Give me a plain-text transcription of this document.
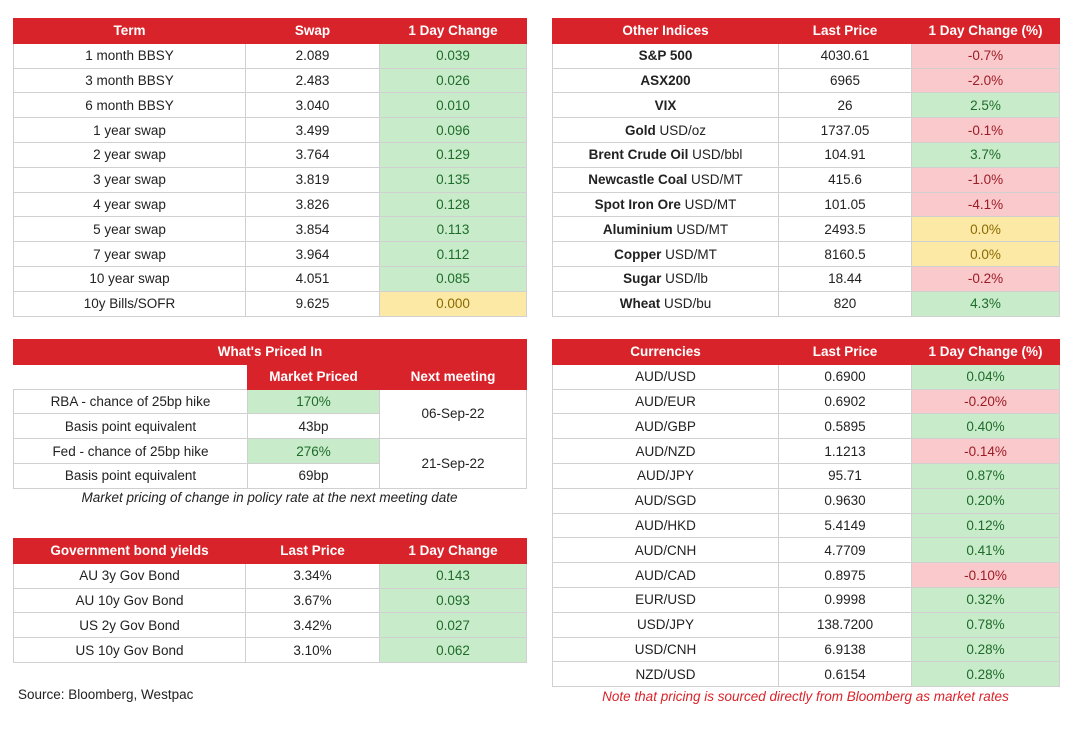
Term	Swap	1 Day Change
1 month BBSY	2.089	0.039
3 month BBSY	2.483	0.026
6 month BBSY	3.040	0.010
1 year swap	3.499	0.096
2 year swap	3.764	0.129
3 year swap	3.819	0.135
4 year swap	3.826	0.128
5 year swap	3.854	0.113
7 year swap	3.964	0.112
10 year swap	4.051	0.085
10y Bills/SOFR	9.625	0.000
Other Indices	Last Price	1 Day Change (%)
S&P 500	4030.61	-0.7%
ASX200	6965	-2.0%
VIX	26	2.5%
Gold USD/oz	1737.05	-0.1%
Brent Crude Oil USD/bbl	104.91	3.7%
Newcastle Coal USD/MT	415.6	-1.0%
Spot Iron Ore USD/MT	101.05	-4.1%
Aluminium USD/MT	2493.5	0.0%
Copper USD/MT	8160.5	0.0%
Sugar USD/lb	18.44	-0.2%
Wheat USD/bu	820	4.3%
What's Priced In		
	Market Priced	Next meeting
RBA - chance of 25bp hike	170%	06-Sep-22
Basis point equivalent	43bp	
Fed - chance of 25bp hike	276%	21-Sep-22
Basis point equivalent	69bp	
Market pricing of change in policy rate at the next meeting date
Government bond yields	Last Price	1 Day Change
AU 3y Gov Bond	3.34%	0.143
AU 10y Gov Bond	3.67%	0.093
US 2y Gov Bond	3.42%	0.027
US 10y Gov Bond	3.10%	0.062
Currencies	Last Price	1 Day Change (%)
AUD/USD	0.6900	0.04%
AUD/EUR	0.6902	-0.20%
AUD/GBP	0.5895	0.40%
AUD/NZD	1.1213	-0.14%
AUD/JPY	95.71	0.87%
AUD/SGD	0.9630	0.20%
AUD/HKD	5.4149	0.12%
AUD/CNH	4.7709	0.41%
AUD/CAD	0.8975	-0.10%
EUR/USD	0.9998	0.32%
USD/JPY	138.7200	0.78%
USD/CNH	6.9138	0.28%
NZD/USD	0.6154	0.28%
Source: Bloomberg, Westpac	Note that pricing is sourced directly from Bloomberg as market rates
